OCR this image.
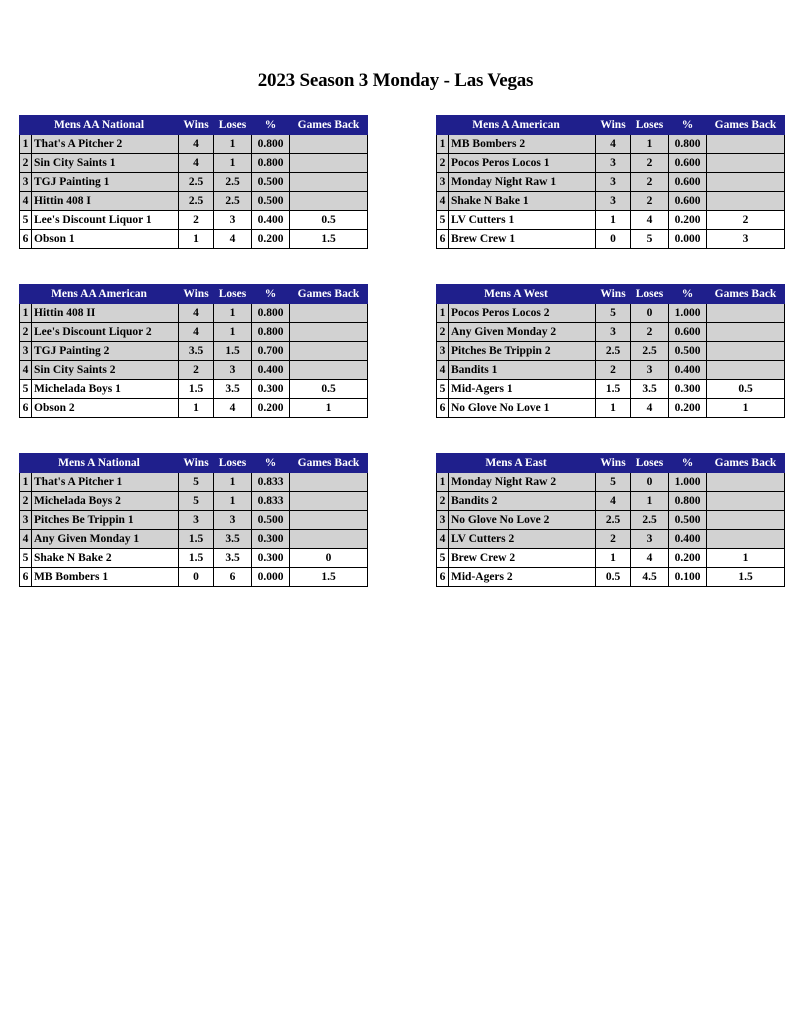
2023 Season 3 Monday - Las Vegas
Mens AA National		Wins	Loses	%	Games Back
1	That's A Pitcher 2	4	1	0.800	
2	Sin City Saints 1	4	1	0.800	
3	TGJ Painting 1	2.5	2.5	0.500	
4	Hittin 408 I	2.5	2.5	0.500	
5	Lee's Discount Liquor 1	2	3	0.400	0.5
6	Obson 1	1	4	0.200	1.5
Mens A American		Wins	Loses	%	Games Back
1	MB Bombers 2	4	1	0.800	
2	Pocos Peros Locos 1	3	2	0.600	
3	Monday Night Raw 1	3	2	0.600	
4	Shake N Bake 1	3	2	0.600	
5	LV Cutters 1	1	4	0.200	2
6	Brew Crew 1	0	5	0.000	3
Mens AA American		Wins	Loses	%	Games Back
1	Hittin 408 II	4	1	0.800	
2	Lee's Discount Liquor 2	4	1	0.800	
3	TGJ Painting 2	3.5	1.5	0.700	
4	Sin City Saints 2	2	3	0.400	
5	Michelada Boys 1	1.5	3.5	0.300	0.5
6	Obson 2	1	4	0.200	1
Mens A West		Wins	Loses	%	Games Back
1	Pocos Peros Locos 2	5	0	1.000	
2	Any Given Monday 2	3	2	0.600	
3	Pitches Be Trippin 2	2.5	2.5	0.500	
4	Bandits 1	2	3	0.400	
5	Mid-Agers 1	1.5	3.5	0.300	0.5
6	No Glove No Love 1	1	4	0.200	1
Mens A National		Wins	Loses	%	Games Back
1	That's A Pitcher 1	5	1	0.833	
2	Michelada Boys 2	5	1	0.833	
3	Pitches Be Trippin 1	3	3	0.500	
4	Any Given Monday 1	1.5	3.5	0.300	
5	Shake N Bake 2	1.5	3.5	0.300	0
6	MB Bombers 1	0	6	0.000	1.5
Mens A East		Wins	Loses	%	Games Back
1	Monday Night Raw 2	5	0	1.000	
2	Bandits 2	4	1	0.800	
3	No Glove No Love 2	2.5	2.5	0.500	
4	LV Cutters 2	2	3	0.400	
5	Brew Crew 2	1	4	0.200	1
6	Mid-Agers 2	0.5	4.5	0.100	1.5
